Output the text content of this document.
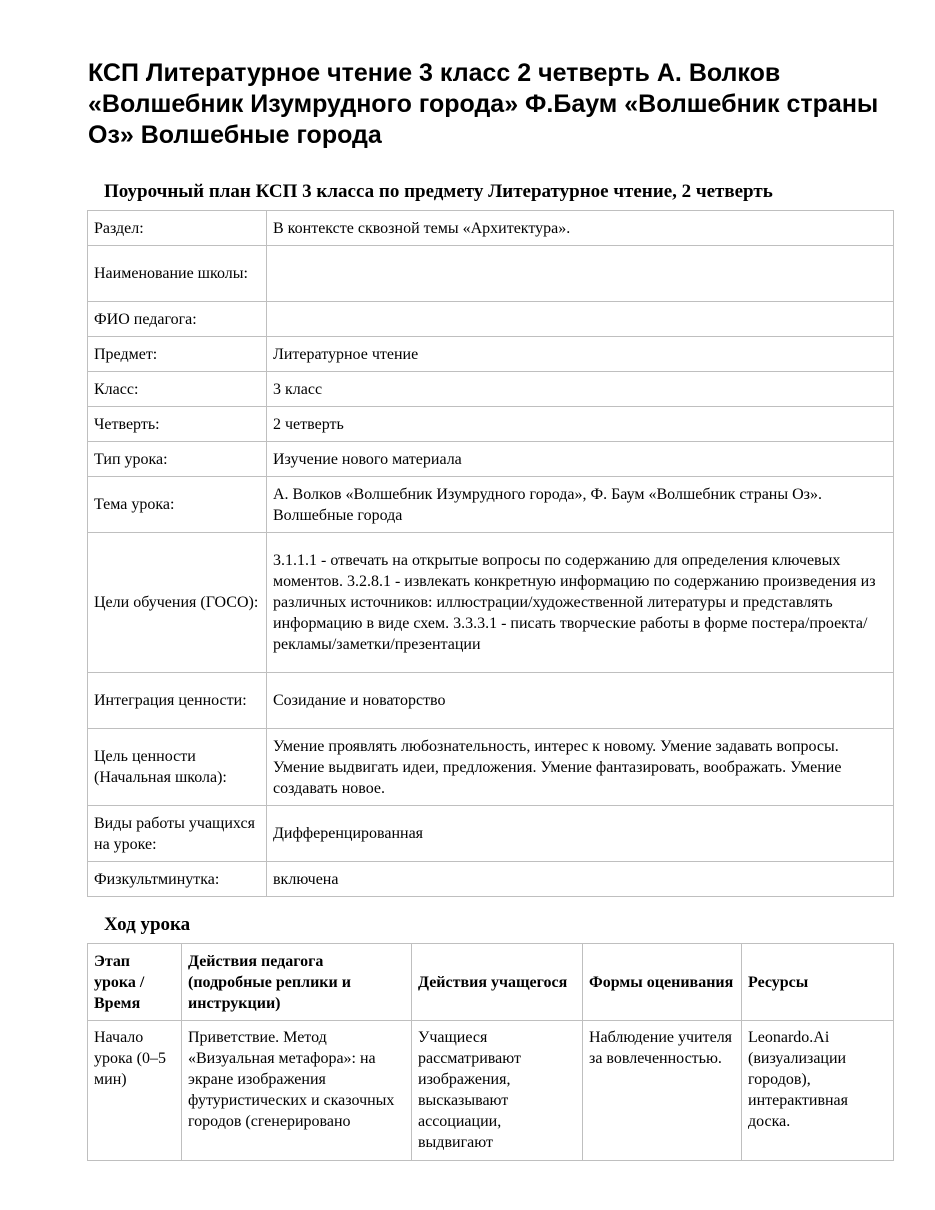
КСП Литературное чтение 3 класс 2 четверть А. Волков «Волшебник Изумрудного города» Ф.Баум «Волшебник страны Оз» Волшебные города
Поурочный план КСП 3 класса по предмету Литературное чтение, 2 четверть
Раздел:	В контексте сквозной темы «Архитектура».
Наименование школы:	
ФИО педагога:	
Предмет:	Литературное чтение
Класс:	3 класс
Четверть:	2 четверть
Тип урока:	Изучение нового материала
Тема урока:	А. Волков «Волшебник Изумрудного города», Ф. Баум «Волшебник страны Оз». Волшебные города
Цели обучения (ГОСО):	3.1.1.1 - отвечать на открытые вопросы по содержанию для определения ключевых моментов. 3.2.8.1 - извлекать конкретную информацию по содержанию произведения из различных источников: иллюстрации/художественной литературы и представлять информацию в виде схем. 3.3.3.1 - писать творческие работы в форме постера/проекта/рекламы/заметки/презентации
Интеграция ценности:	Созидание и новаторство
Цель ценности (Начальная школа):	Умение проявлять любознательность, интерес к новому. Умение задавать вопросы. Умение выдвигать идеи, предложения. Умение фантазировать, воображать. Умение создавать новое.
Виды работы учащихся на уроке:	Дифференцированная
Физкультминутка:	включена
Ход урока
Этап урока / Время	Действия педагога (подробные реплики и инструкции)	Действия учащегося	Формы оценивания	Ресурсы
Начало урока (0–5 мин)	Приветствие. Метод «Визуальная метафора»: на экране изображения футуристических и сказочных городов (сгенерировано	Учащиеся рассматривают изображения, высказывают ассоциации, выдвигают	Наблюдение учителя за вовлеченностью.	Leonardo.Ai (визуализации городов), интерактивная доска.
